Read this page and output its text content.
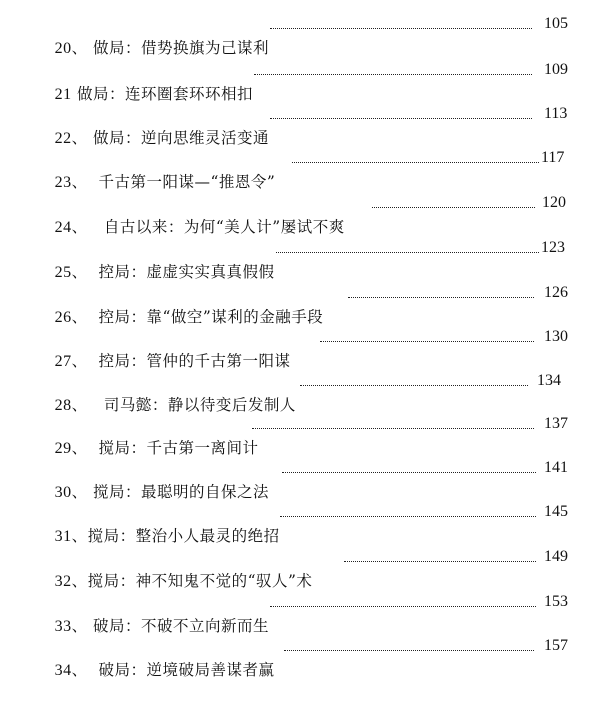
20、 做局：借势换旗为己谋利

105

21 做局：连环圈套环环相扣

109

22、 做局：逆向思维灵活变通

113

23、 千古第一阳谋—“推恩令”

117

24、 自古以来：为何“美人计”屡试不爽

120

25、 控局：虚虚实实真真假假

123

26、 控局：靠“做空”谋利的金融手段

126

27、 控局：管仲的千古第一阳谋

130

28、 司马懿：静以待变后发制人

134

29、 搅局：千古第一离间计

137

30、 搅局：最聪明的自保之法

141

31、搅局：整治小人最灵的绝招

145

32、搅局：神不知鬼不觉的“驭人”术

149

33、 破局：不破不立向新而生

153

34、 破局：逆境破局善谋者赢

157
